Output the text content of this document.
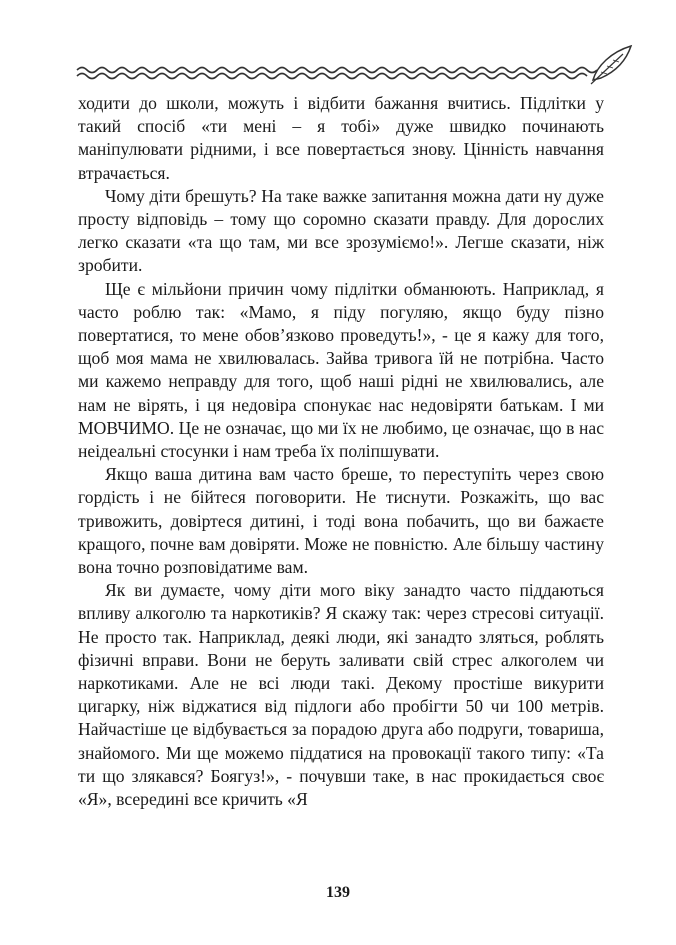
ходити до школи, можуть і відбити бажання вчитись. Підлітки у такий спосіб «ти мені – я тобі» дуже швидко починають маніпулювати рідними, і все повертається знову. Цінність навчання втрачається.

Чому діти брешуть? На таке важке запитання можна дати ну дуже просту відповідь – тому що соромно сказати правду. Для дорослих легко сказати «та що там, ми все зрозуміємо!». Легше сказати, ніж зробити.

Ще є мільйони причин чому підлітки обманюють. Наприклад, я часто роблю так: «Мамо, я піду погуляю, якщо буду пізно повертатися, то мене обов’язково проведуть!», - це я кажу для того, щоб моя мама не хвилювалась. Зайва тривога їй не потрібна. Часто ми кажемо неправду для того, щоб наші рідні не хвилювались, але нам не вірять, і ця недовіра спонукає нас недовіряти батькам. І ми МОВЧИМО. Це не означає, що ми їх не любимо, це означає, що в нас неідеальні стосунки і нам треба їх поліпшувати.

Якщо ваша дитина вам часто бреше, то переступіть через свою гордість і не бійтеся поговорити. Не тиснути. Розкажіть, що вас тривожить, довіртеся дитині, і тоді вона побачить, що ви бажаєте кращого, почне вам довіряти. Може не повністю. Але більшу частину вона точно розповідатиме вам.

Як ви думаєте, чому діти мого віку занадто часто піддаються впливу алкоголю та наркотиків? Я скажу так: через стресові ситуації. Не просто так. Наприклад, деякі люди, які занадто зляться, роблять фізичні вправи. Вони не беруть заливати свій стрес алкоголем чи наркотиками. Але не всі люди такі. Декому простіше викурити цигарку, ніж віджатися від підлоги або пробігти 50 чи 100 метрів. Найчастіше це відбувається за порадою друга або подруги, товариша, знайомого. Ми ще можемо піддатися на провокації такого типу: «Та ти що злякався? Боягуз!», - почувши таке, в нас прокидається своє «Я», всередині все кричить «Я

139
